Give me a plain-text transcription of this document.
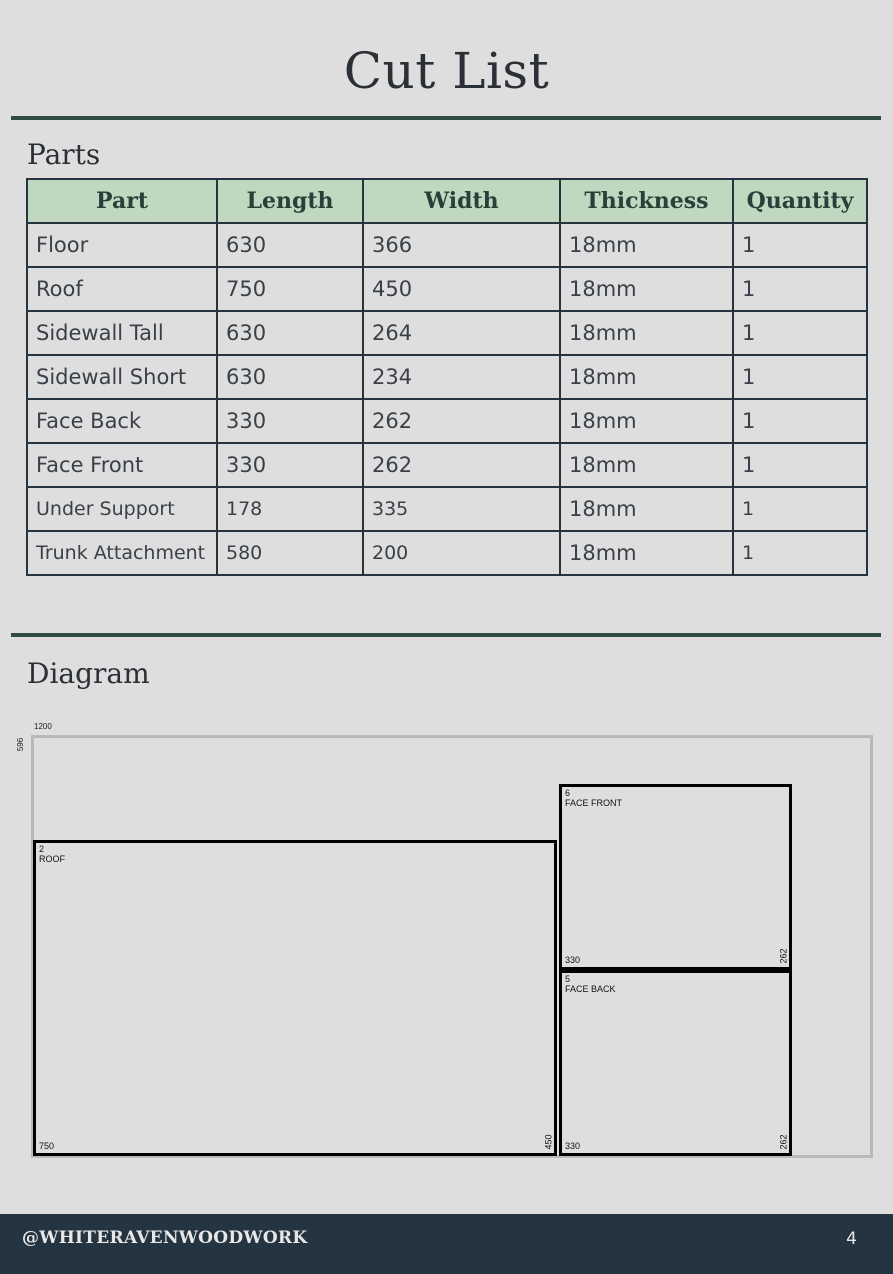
Cut List
Parts
Part	Length	Width	Thickness	Quantity
Floor	630	366	18mm	1
Roof	750	450	18mm	1
Sidewall Tall	630	264	18mm	1
Sidewall Short	630	234	18mm	1
Face Back	330	262	18mm	1
Face Front	330	262	18mm	1
Under Support	178	335	18mm	1
Trunk Attachment	580	200	18mm	1
Diagram
1200
596
2
ROOF
750	450
6
FACE FRONT
330	262
5
FACE BACK
330	262
@WHITERAVENWOODWORK	4
